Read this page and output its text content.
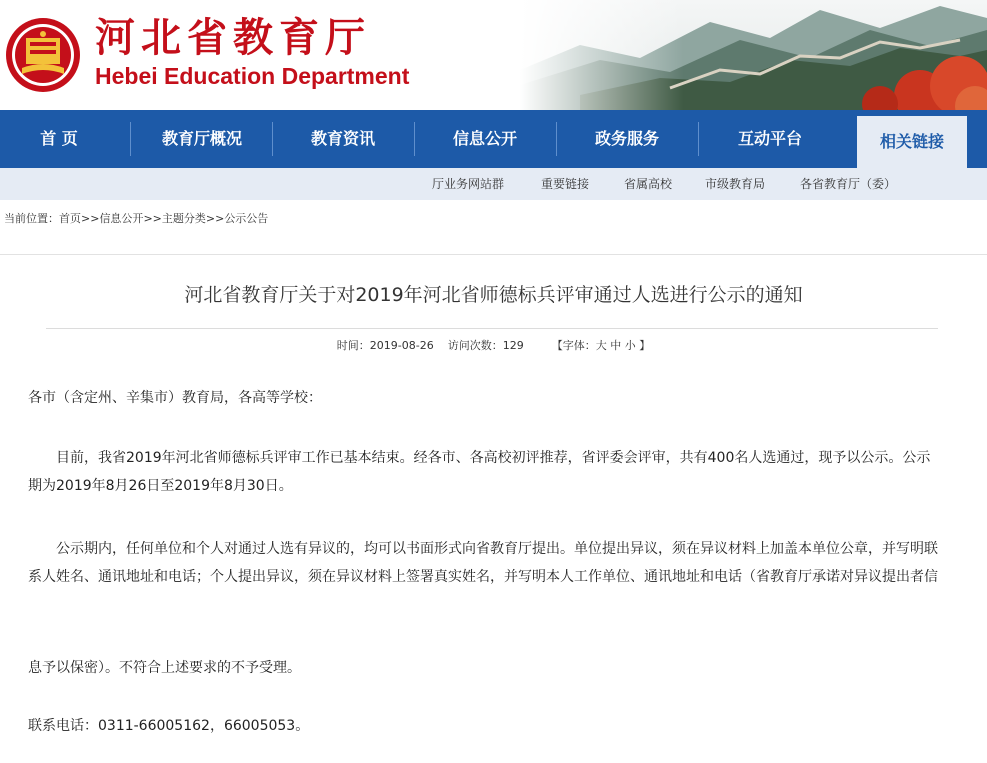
河北省教育厅
Hebei Education Department
首 页	教育厅概况	教育资讯	信息公开	政务服务	互动平台	相关链接
厅业务网站群	重要链接	省属高校	市级教育局	各省教育厅（委）
当前位置：首页>>信息公开>>主题分类>>公示公告
河北省教育厅关于对2019年河北省师德标兵评审通过人选进行公示的通知
时间：2019-08-26 访问次数：129	【字体：大 中 小 】
各市（含定州、辛集市）教育局，各高等学校：
目前，我省2019年河北省师德标兵评审工作已基本结束。经各市、各高校初评推荐，省评委会评审，共有400名人选通过，现予以公示。公示期为2019年8月26日至2019年8月30日。
公示期内，任何单位和个人对通过人选有异议的，均可以书面形式向省教育厅提出。单位提出异议，须在异议材料上加盖本单位公章，并写明联系人姓名、通讯地址和电话；个人提出异议，须在异议材料上签署真实姓名，并写明本人工作单位、通讯地址和电话（省教育厅承诺对异议提出者信
息予以保密）。不符合上述要求的不予受理。
联系电话：0311-66005162，66005053。
